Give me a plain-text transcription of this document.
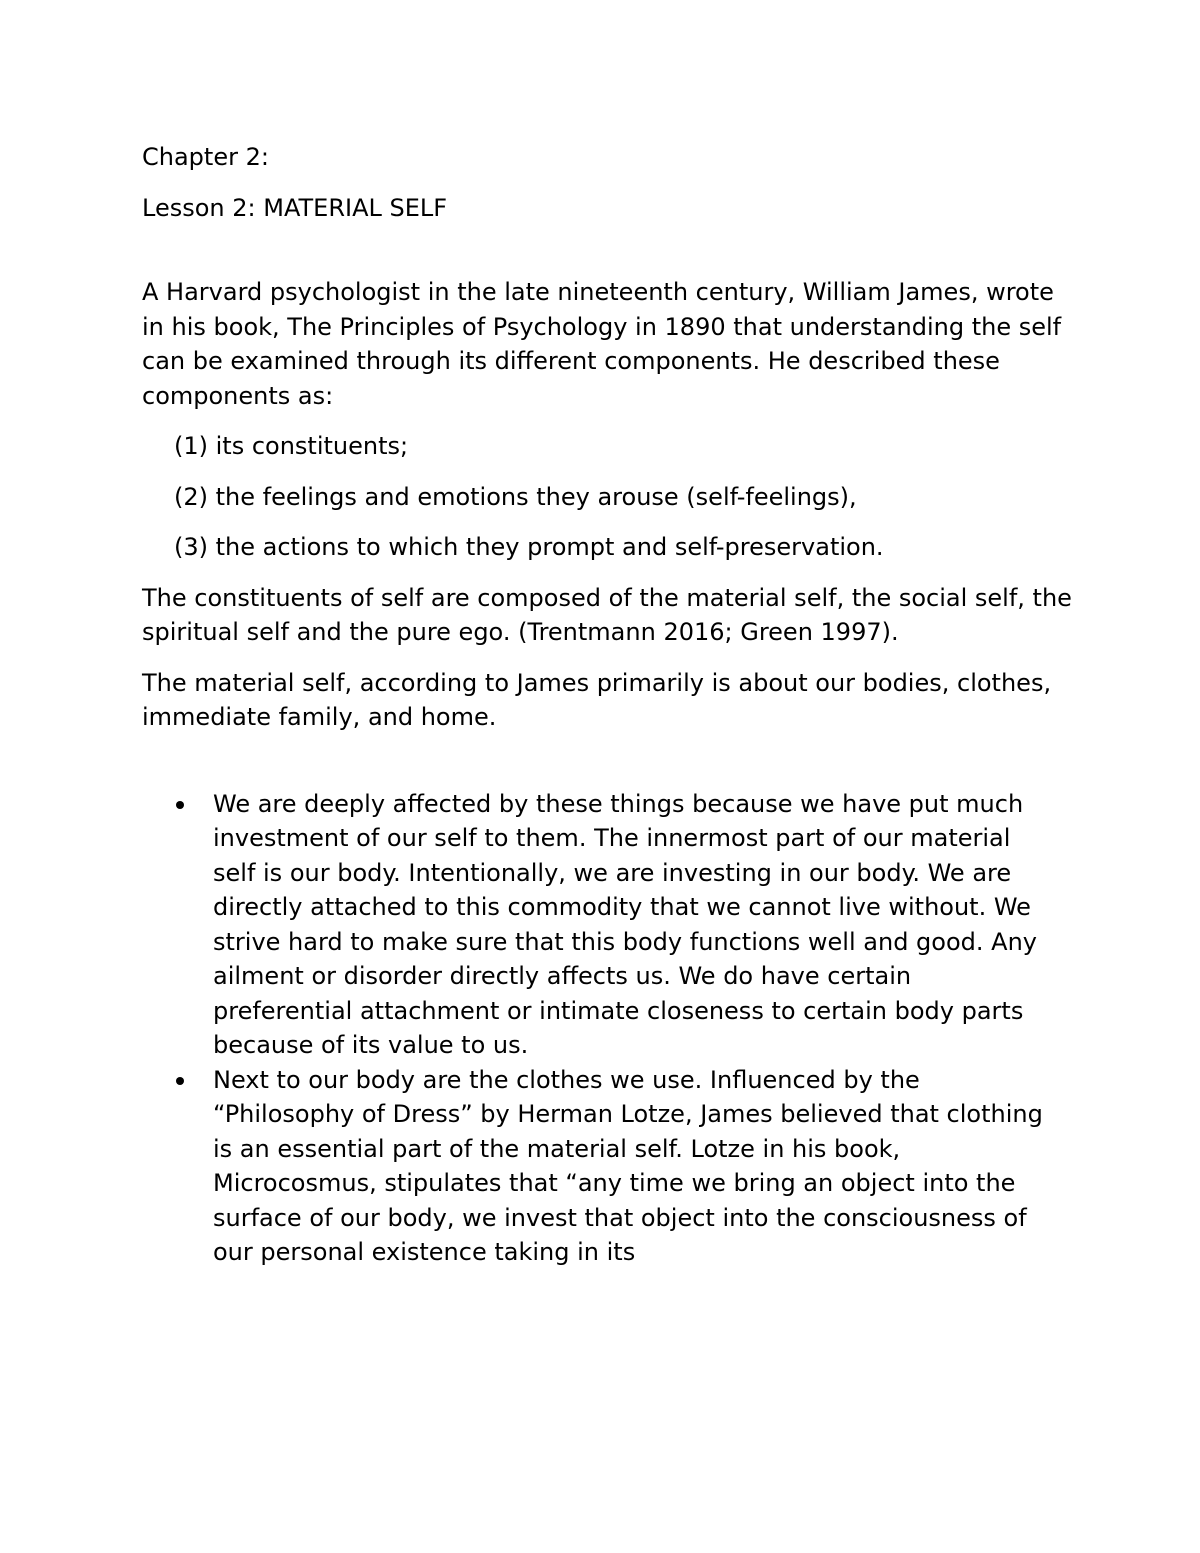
Chapter 2:

Lesson 2: MATERIAL SELF

A Harvard psychologist in the late nineteenth century, William James, wrote in his book, The Principles of Psychology in 1890 that understanding the self can be examined through its different components. He described these components as:

(1) its constituents;
(2) the feelings and emotions they arouse (self-feelings),
(3) the actions to which they prompt and self-preservation.

The constituents of self are composed of the material self, the social self, the spiritual self and the pure ego. (Trentmann 2016; Green 1997).

The material self, according to James primarily is about our bodies, clothes, immediate family, and home.

We are deeply affected by these things because we have put much investment of our self to them. The innermost part of our material self is our body. Intentionally, we are investing in our body. We are directly attached to this commodity that we cannot live without. We strive hard to make sure that this body functions well and good. Any ailment or disorder directly affects us. We do have certain preferential attachment or intimate closeness to certain body parts because of its value to us.
Next to our body are the clothes we use. Influenced by the “Philosophy of Dress” by Herman Lotze, James believed that clothing is an essential part of the material self. Lotze in his book, Microcosmus, stipulates that “any time we bring an object into the surface of our body, we invest that object into the consciousness of our personal existence taking in its
